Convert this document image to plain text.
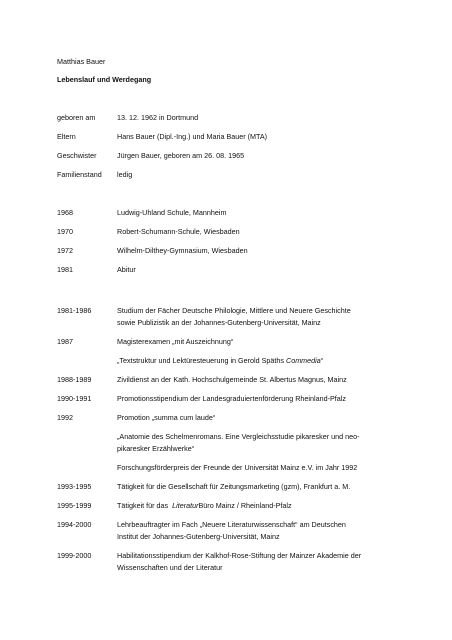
Matthias Bauer
Lebenslauf und Werdegang
geboren am	13. 12. 1962 in Dortmund
Eltern	Hans Bauer (Dipl.-Ing.) und Maria Bauer (MTA)
Geschwister	Jürgen Bauer, geboren am 26. 08. 1965
Familienstand ledig
1968	Ludwig-Uhland Schule, Mannheim
1970	Robert-Schumann-Schule, Wiesbaden
1972	Wilhelm-Dilthey-Gymnasium, Wiesbaden
1981	Abitur
1981-1986	Studium der Fächer Deutsche Philologie, Mittlere und Neuere Geschichte
sowie Publizistik an der Johannes-Gutenberg-Universität, Mainz
1987	Magisterexamen „mit Auszeichnung“
„Textstruktur und Lektüresteuerung in Gerold Späths Commedia“
1988-1989	Zivildienst an der Kath. Hochschulgemeinde St. Albertus Magnus, Mainz
1990-1991	Promotionsstipendium der Landesgraduiertenförderung Rheinland-Pfalz
1992	Promotion „summa cum laude“
„Anatomie des Schelmenromans. Eine Vergleichsstudie pikaresker und neo-
pikaresker Erzählwerke“
Forschungsförderpreis der Freunde der Universität Mainz e.V. im Jahr 1992
1993-1995	Tätigkeit für die Gesellschaft für Zeitungsmarketing (gzm), Frankfurt a. M.
1995-1999	Tätigkeit für das  LiteraturBüro Mainz / Rheinland-Pfalz
1994-2000	Lehrbeauftragter im Fach „Neuere Literaturwissenschaft“ am Deutschen
Institut der Johannes-Gutenberg-Universität, Mainz
1999-2000	Habilitationsstipendium der Kalkhof-Rose-Stiftung der Mainzer Akademie der
Wissenschaften und der Literatur
